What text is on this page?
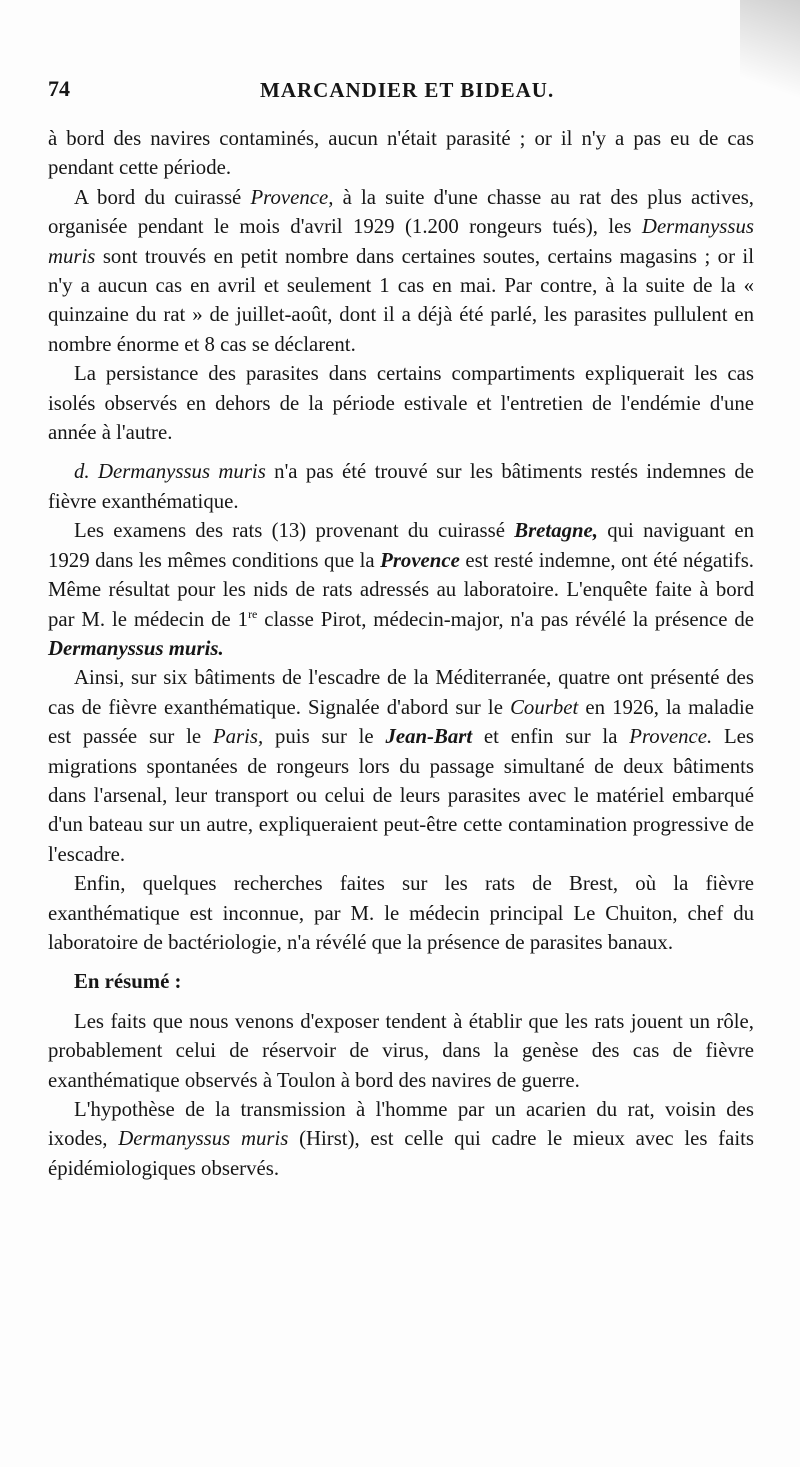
74	MARCANDIER ET BIDEAU.

à bord des navires contaminés, aucun n'était parasité ; or il n'y a pas eu de cas pendant cette période.

A bord du cuirassé Provence, à la suite d'une chasse au rat des plus actives, organisée pendant le mois d'avril 1929 (1.200 rongeurs tués), les Dermanyssus muris sont trouvés en petit nombre dans certaines soutes, certains magasins ; or il n'y a aucun cas en avril et seulement 1 cas en mai. Par contre, à la suite de la « quinzaine du rat » de juillet-août, dont il a déjà été parlé, les parasites pullulent en nombre énorme et 8 cas se déclarent.

La persistance des parasites dans certains compartiments expliquerait les cas isolés observés en dehors de la période estivale et l'entretien de l'endémie d'une année à l'autre.

d. Dermanyssus muris n'a pas été trouvé sur les bâtiments restés indemnes de fièvre exanthématique.

Les examens des rats (13) provenant du cuirassé Bretagne, qui naviguant en 1929 dans les mêmes conditions que la Provence est resté indemne, ont été négatifs. Même résultat pour les nids de rats adressés au laboratoire. L'enquête faite à bord par M. le médecin de 1re classe Pirot, médecin-major, n'a pas révélé la présence de Dermanyssus muris.

Ainsi, sur six bâtiments de l'escadre de la Méditerranée, quatre ont présenté des cas de fièvre exanthématique. Signalée d'abord sur le Courbet en 1926, la maladie est passée sur le Paris, puis sur le Jean-Bart et enfin sur la Provence. Les migrations spontanées de rongeurs lors du passage simultané de deux bâtiments dans l'arsenal, leur transport ou celui de leurs parasites avec le matériel embarqué d'un bateau sur un autre, expliqueraient peut-être cette contamination progressive de l'escadre.

Enfin, quelques recherches faites sur les rats de Brest, où la fièvre exanthématique est inconnue, par M. le médecin principal Le Chuiton, chef du laboratoire de bactériologie, n'a révélé que la présence de parasites banaux.

En résumé :

Les faits que nous venons d'exposer tendent à établir que les rats jouent un rôle, probablement celui de réservoir de virus, dans la genèse des cas de fièvre exanthématique observés à Toulon à bord des navires de guerre.

L'hypothèse de la transmission à l'homme par un acarien du rat, voisin des ixodes, Dermanyssus muris (Hirst), est celle qui cadre le mieux avec les faits épidémiologiques observés.
